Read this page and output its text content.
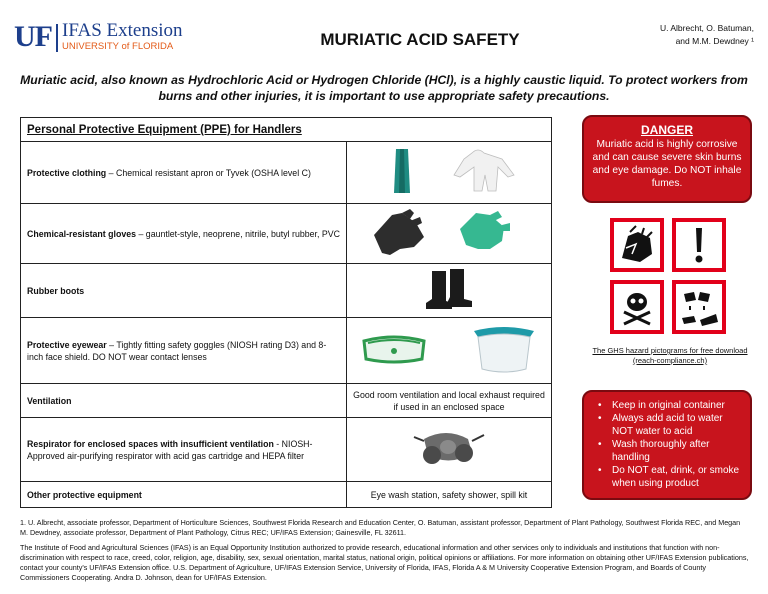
UF IFAS Extension
UNIVERSITY of FLORIDA	MURIATIC ACID SAFETY
U. Albrecht, O. Batuman,
and M.M. Dewdney ¹
Muriatic acid, also known as Hydrochloric Acid or Hydrogen Chloride (HCl), is a highly caustic liquid. To protect workers from burns and other injuries, it is important to use appropriate safety precautions.
Personal Protective Equipment (PPE) for Handlers	
Protective clothing – Chemical resistant apron or Tyvek (OSHA level C)	
Chemical-resistant gloves – gauntlet-style, neoprene, nitrile, butyl rubber, PVC	
Rubber boots	
Protective eyewear – Tightly fitting safety goggles (NIOSH rating D3) and 8-inch face shield. DO NOT wear contact lenses	
Ventilation	Good room ventilation and local exhaust required if used in an enclosed space
Respirator for enclosed spaces with insufficient ventilation - NIOSH-Approved air-purifying respirator with acid gas cartridge and HEPA filter	
Other protective equipment	Eye wash station, safety shower, spill kit
DANGER
Muriatic acid is highly corrosive and can cause severe skin burns and eye damage. Do NOT inhale fumes.
The GHS hazard pictograms for free download (reach-compliance.ch)
• Keep in original container
• Always add acid to water NOT water to acid
• Wash thoroughly after handling
• Do NOT eat, drink, or smoke when using product
1. U. Albrecht, associate professor, Department of Horticulture Sciences, Southwest Florida Research and Education Center, O. Batuman, assistant professor, Department of Plant Pathology, Southwest Florida REC, and Megan M. Dewdney, associate professor, Department of Plant Pathology, Citrus REC; UF/IFAS Extension; Gainesville, FL 32611.
The Institute of Food and Agricultural Sciences (IFAS) is an Equal Opportunity Institution authorized to provide research, educational information and other services only to individuals and institutions that function with non-discrimination with respect to race, creed, color, religion, age, disability, sex, sexual orientation, marital status, national origin, political opinions or affiliations. For more information on obtaining other UF/IFAS Extension publications, contact your county's UF/IFAS Extension office. U.S. Department of Agriculture, UF/IFAS Extension Service, University of Florida, IFAS, Florida A & M University Cooperative Extension Program, and Boards of County Commissioners Cooperating. Andra D. Johnson, dean for UF/IFAS Extension.
